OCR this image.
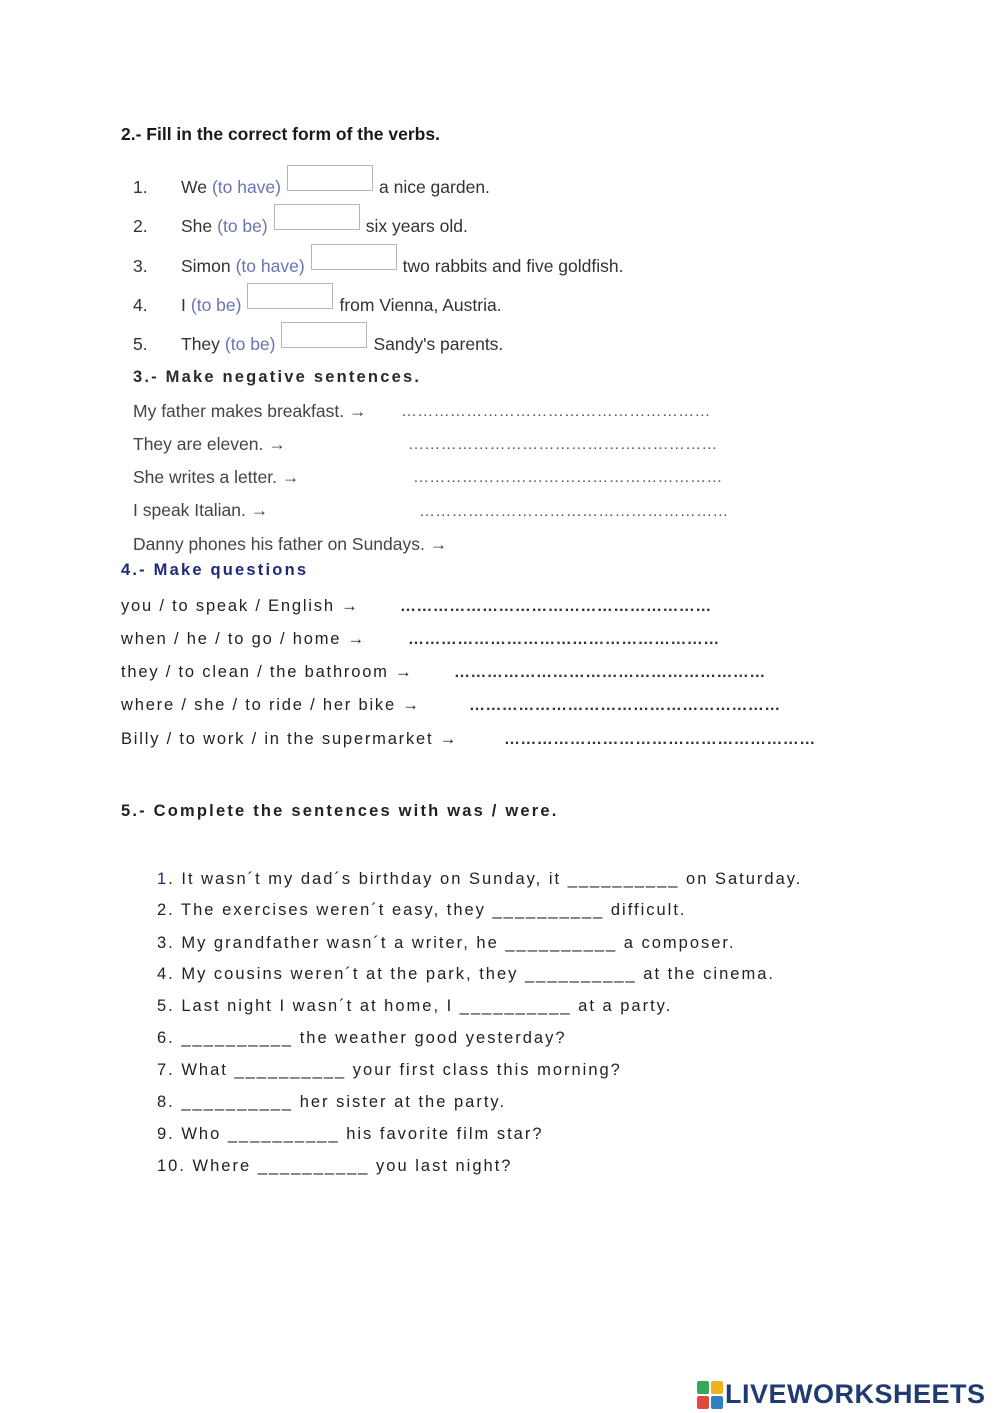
2.- Fill in the correct form of the verbs.
1.	We (to have)	a nice garden.
2.	She (to be)	six years old.
3.	Simon (to have)	two rabbits and five goldfish.
4.	I (to be)	from Vienna, Austria.
5.	They (to be)	Sandy's parents.
3.- Make negative sentences.
My father makes breakfast. → …………………………………………………
They are eleven. →	…………………………………………………
She writes a letter. →	…………………………………………………
I speak Italian. →	…………………………………………………
Danny phones his father on Sundays. →
4.- Make questions
you / to speak / English →	…………………………………………………
when / he / to go / home →	…………………………………………………
they / to clean / the bathroom →	…………………………………………………
where / she / to ride / her bike →	…………………………………………………
Billy / to work / in the supermarket →	…………………………………………………
5.- Complete the sentences with was / were.
1. It wasn´t my dad´s birthday on Sunday, it __________ on Saturday.
2. The exercises weren´t easy, they __________ difficult.
3. My grandfather wasn´t a writer, he __________ a composer.
4. My cousins weren´t at the park, they __________ at the cinema.
5. Last night I wasn´t at home, I __________ at a party.
6. __________ the weather good yesterday?
7. What __________ your first class this morning?
8. __________ her sister at the party.
9. Who __________ his favorite film star?
10. Where __________ you last night?
LIVEWORKSHEETS
